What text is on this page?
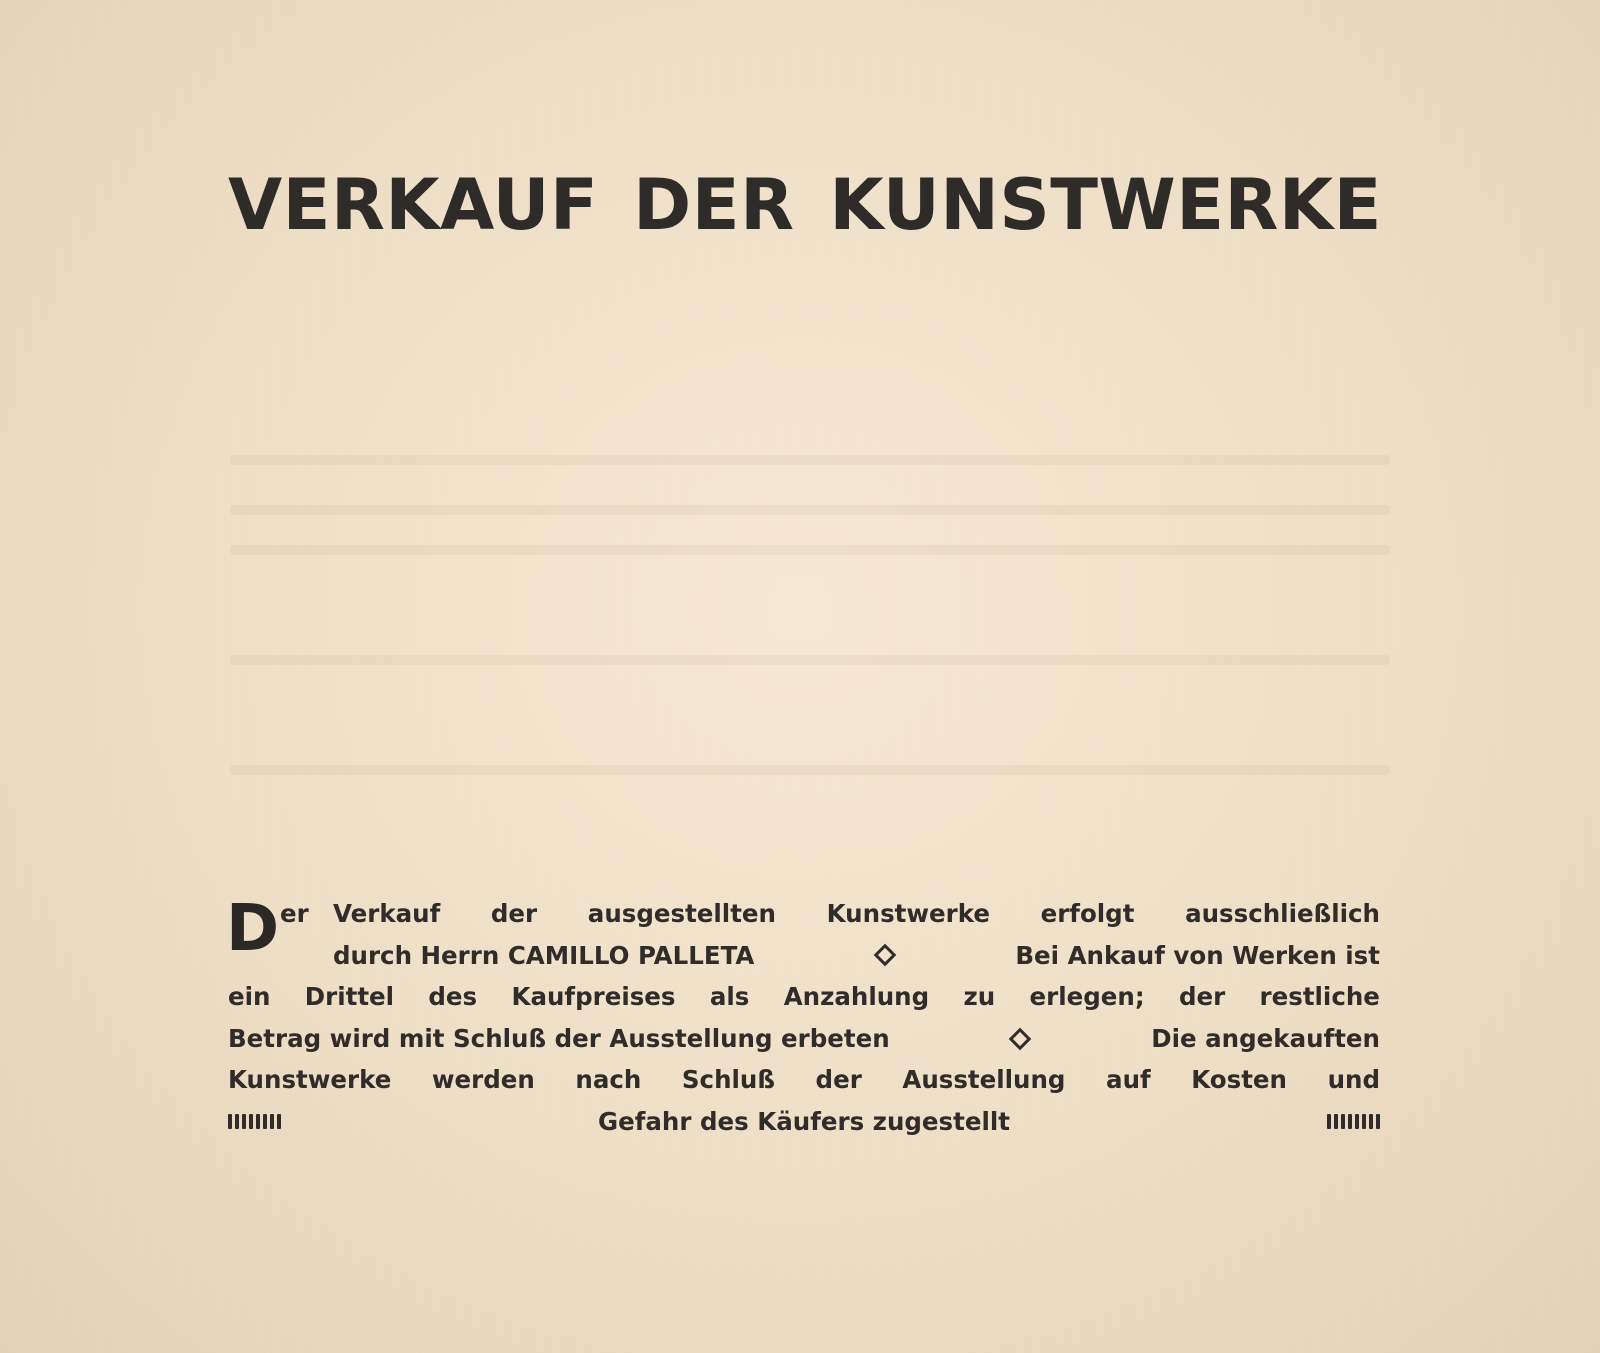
VERKAUF DER KUNSTWERKE
D er Verkauf der ausgestellten Kunstwerke erfolgt ausschließlich
durch Herrn CAMILLO PALLETA	Bei Ankauf von Werken ist
ein Drittel des Kaufpreises als Anzahlung zu erlegen; der restliche
Betrag wird mit Schluß der Ausstellung erbeten	Die angekauften
Kunstwerke werden nach Schluß der Ausstellung auf Kosten und
Gefahr des Käufers zugestellt
